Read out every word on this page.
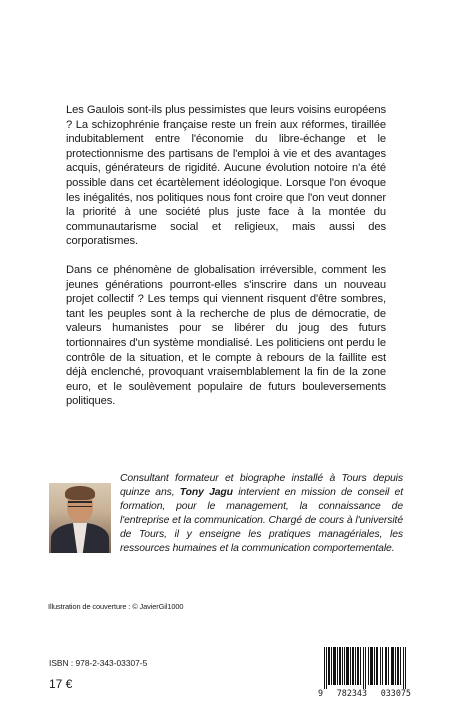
Les Gaulois sont-ils plus pessimistes que leurs voisins européens ? La schizophrénie française reste un frein aux réformes, tiraillée indubitablement entre l'économie du libre-échange et le protectionnisme des partisans de l'emploi à vie et des avantages acquis, générateurs de rigidité. Aucune évolution notoire n'a été possible dans cet écartèlement idéologique. Lorsque l'on évoque les inégalités, nos politiques nous font croire que l'on veut donner la priorité à une société plus juste face à la montée du communautarisme social et religieux, mais aussi des corporatismes.

Dans ce phénomène de globalisation irréversible, comment les jeunes générations pourront-elles s'inscrire dans un nouveau projet collectif ? Les temps qui viennent risquent d'être sombres, tant les peuples sont à la recherche de plus de démocratie, de valeurs humanistes pour se libérer du joug des futurs tortionnaires d'un système mondialisé. Les politiciens ont perdu le contrôle de la situation, et le compte à rebours de la faillite est déjà enclenché, provoquant vraisemblablement la fin de la zone euro, et le soulèvement populaire de futurs bouleversements politiques.

Consultant formateur et biographe installé à Tours depuis quinze ans, Tony Jagu intervient en mission de conseil et formation, pour le management, la connaissance de l'entreprise et la communication. Chargé de cours à l'université de Tours, il y enseigne les pratiques managériales, les ressources humaines et la communication comportementale.
Illustration de couverture : © JavierGil1000
ISBN : 978-2-343-03307-5
17 €
9 782343 033075
